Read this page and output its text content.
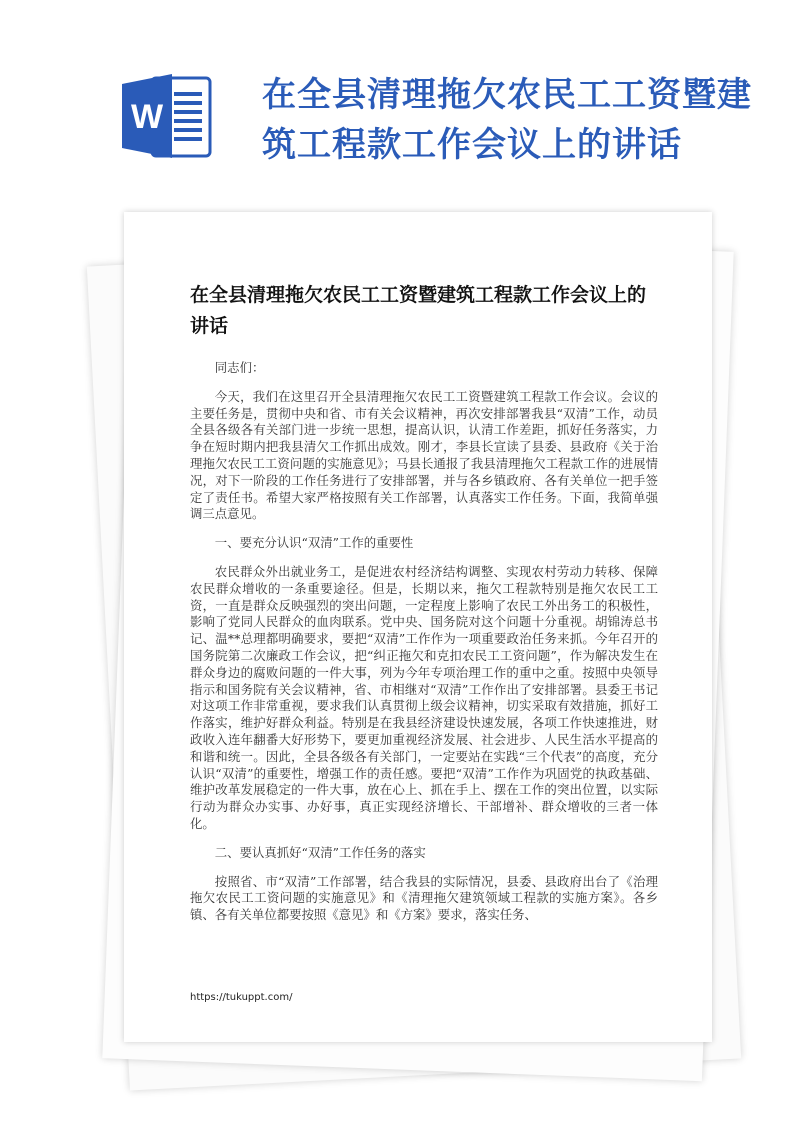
W
在全县清理拖欠农民工工资暨建筑工程款工作会议上的讲话
在全县清理拖欠农民工工资暨建筑工程款工作会议上的讲话

同志们：

今天，我们在这里召开全县清理拖欠农民工工资暨建筑工程款工作会议。会议的主要任务是，贯彻中央和省、市有关会议精神，再次安排部署我县“双清”工作，动员全县各级各有关部门进一步统一思想，提高认识，认清工作差距，抓好任务落实，力争在短时期内把我县清欠工作抓出成效。刚才，李县长宣读了县委、县政府《关于治理拖欠农民工工资问题的实施意见》；马县长通报了我县清理拖欠工程款工作的进展情况，对下一阶段的工作任务进行了安排部署，并与各乡镇政府、各有关单位一把手签定了责任书。希望大家严格按照有关工作部署，认真落实工作任务。下面，我简单强调三点意见。

一、要充分认识“双清”工作的重要性

农民群众外出就业务工，是促进农村经济结构调整、实现农村劳动力转移、保障农民群众增收的一条重要途径。但是，长期以来，拖欠工程款特别是拖欠农民工工资，一直是群众反映强烈的突出问题，一定程度上影响了农民工外出务工的积极性，影响了党同人民群众的血肉联系。党中央、国务院对这个问题十分重视。胡锦涛总书记、温**总理都明确要求，要把“双清”工作作为一项重要政治任务来抓。今年召开的国务院第二次廉政工作会议，把“纠正拖欠和克扣农民工工资问题”，作为解决发生在群众身边的腐败问题的一件大事，列为今年专项治理工作的重中之重。按照中央领导指示和国务院有关会议精神，省、市相继对“双清”工作作出了安排部署。县委王书记对这项工作非常重视，要求我们认真贯彻上级会议精神，切实采取有效措施，抓好工作落实，维护好群众利益。特别是在我县经济建设快速发展，各项工作快速推进，财政收入连年翻番大好形势下，要更加重视经济发展、社会进步、人民生活水平提高的和谐和统一。因此，全县各级各有关部门，一定要站在实践“三个代表”的高度，充分认识“双清”的重要性，增强工作的责任感。要把“双清”工作作为巩固党的执政基础、维护改革发展稳定的一件大事，放在心上、抓在手上、摆在工作的突出位置，以实际行动为群众办实事、办好事，真正实现经济增长、干部增补、群众增收的三者一体化。

二、要认真抓好“双清”工作任务的落实

按照省、市“双清”工作部署，结合我县的实际情况，县委、县政府出台了《治理拖欠农民工工资问题的实施意见》和《清理拖欠建筑领域工程款的实施方案》。各乡镇、各有关单位都要按照《意见》和《方案》要求，落实任务、

https://tukuppt.com/
